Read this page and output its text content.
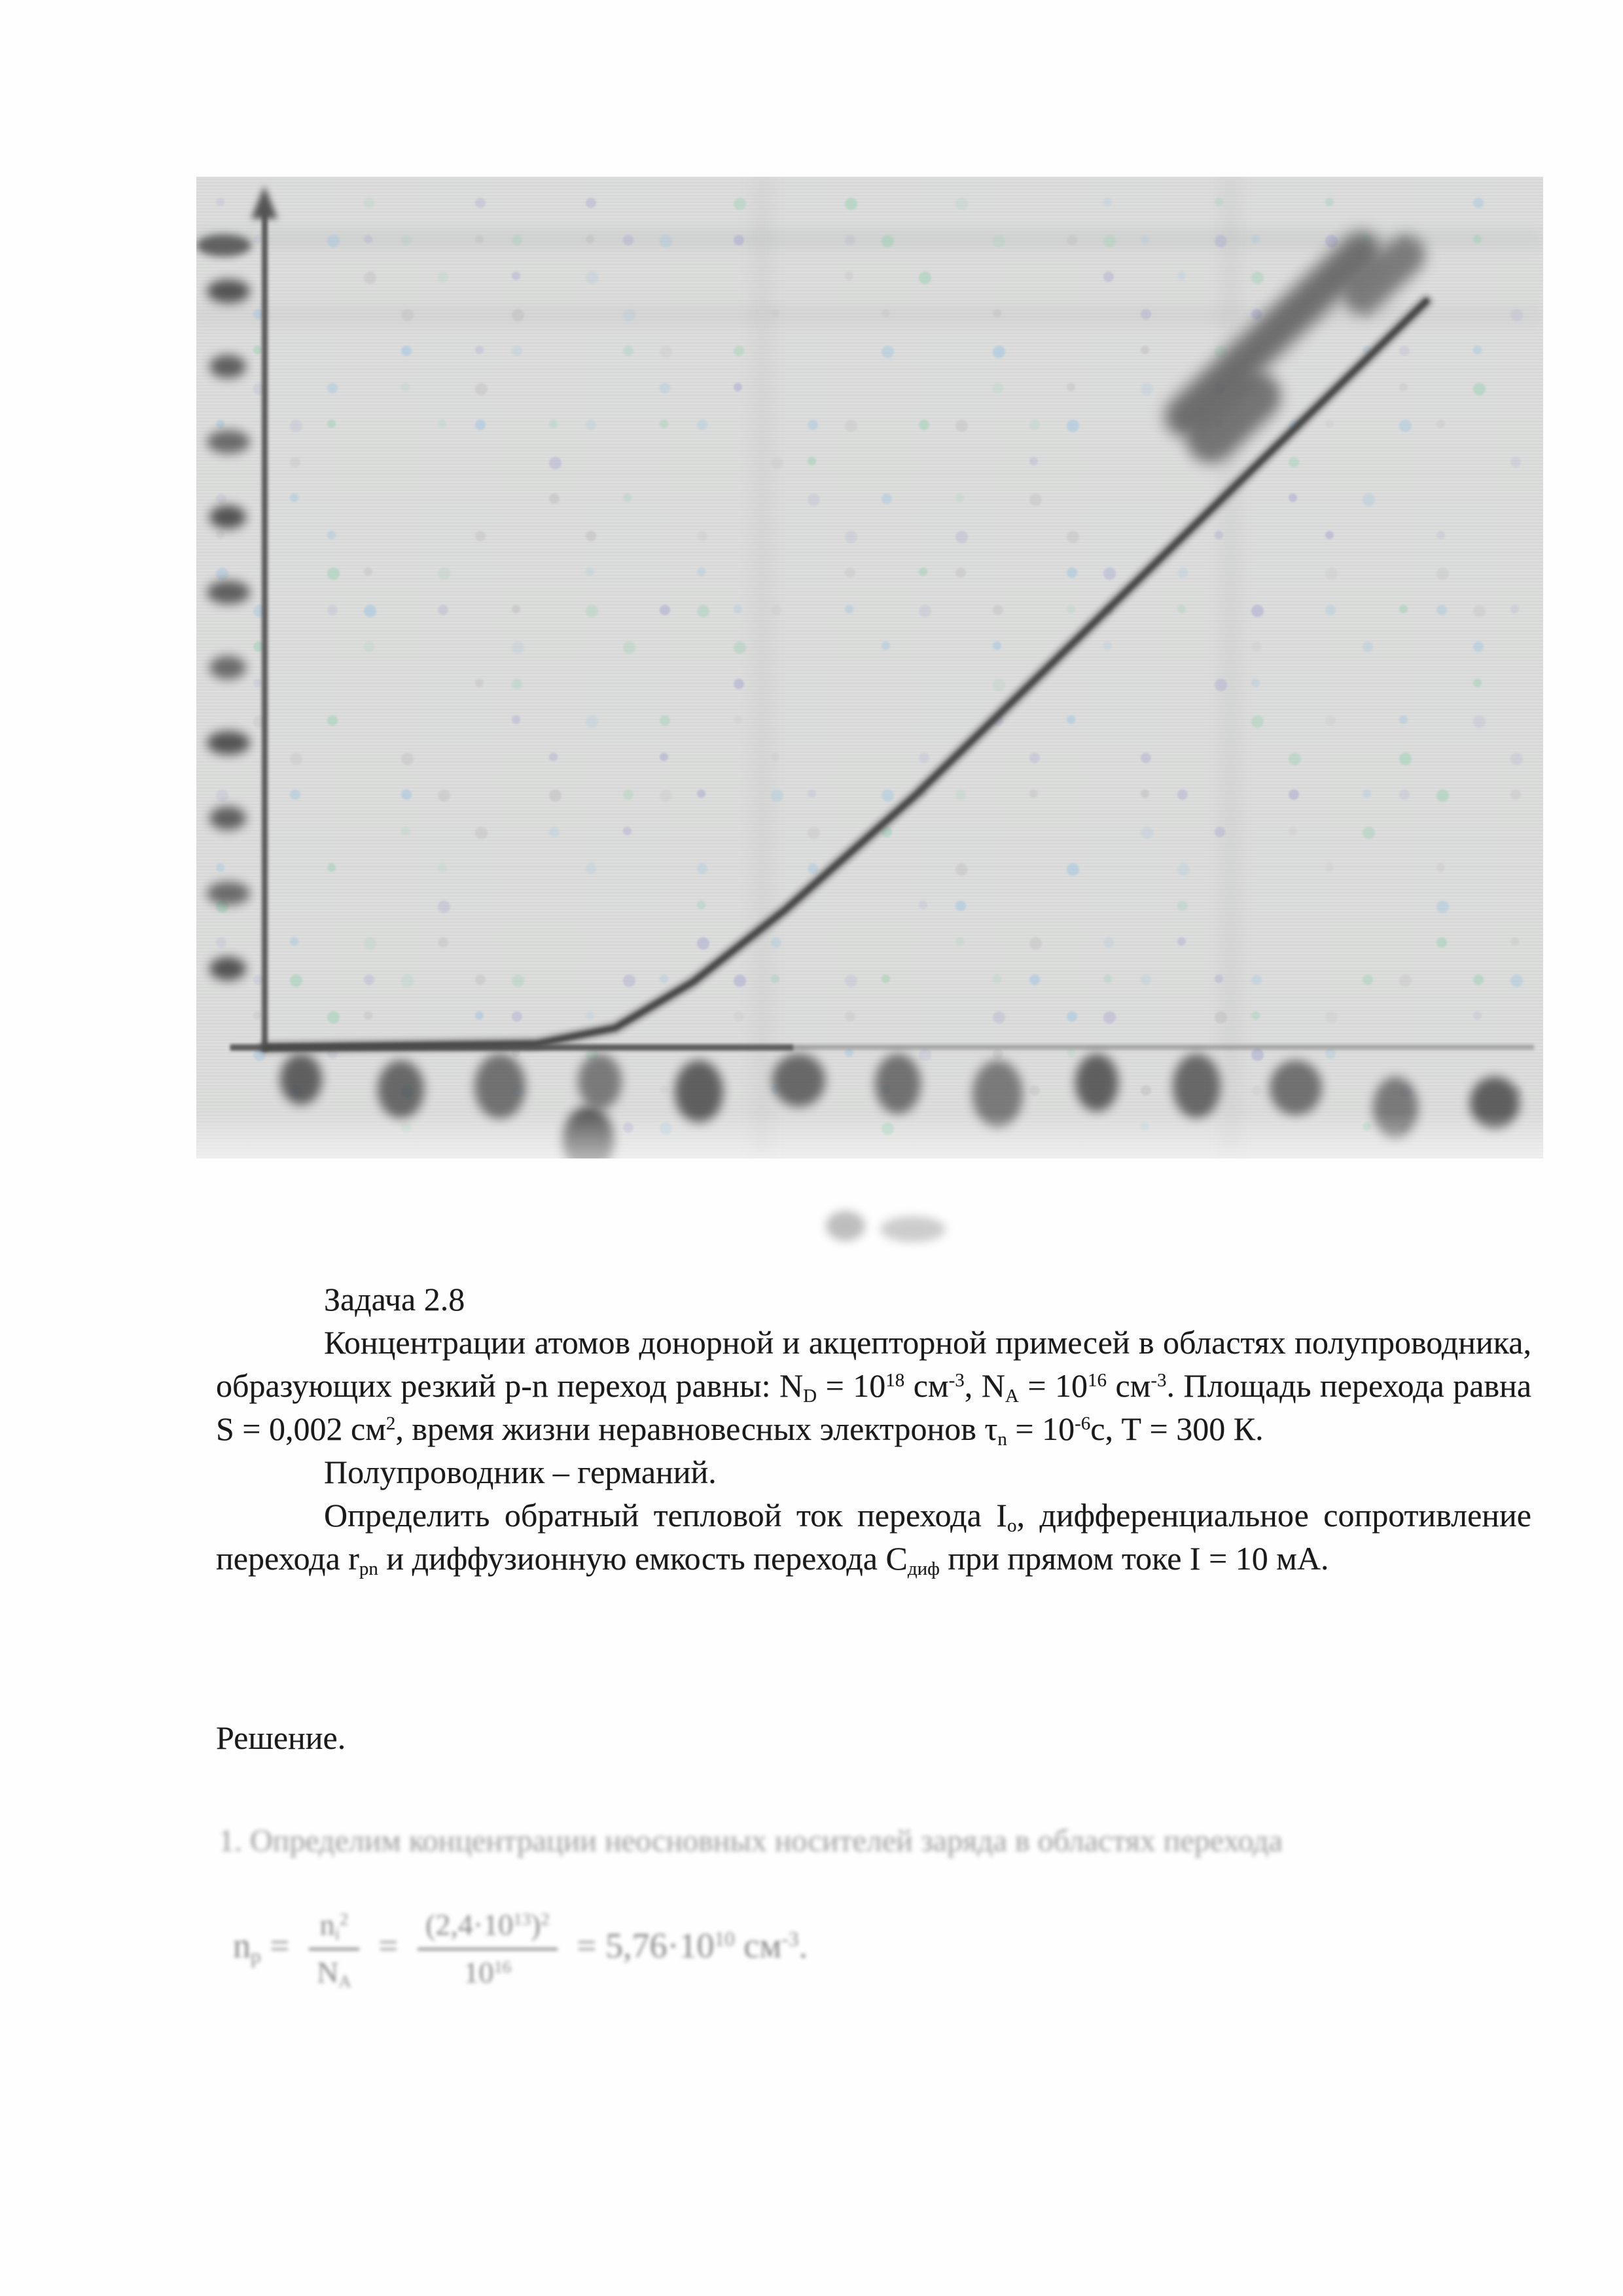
Задача 2.8

Концентрации атомов донорной и акцепторной примесей в областях полупроводника, образующих резкий p-n переход равны: $N_D = 10^{18}$ $см^{-3}$, $N_A = 10^{16}$ $см^{-3}$. Площадь перехода равна S = 0,002 $см^2$, время жизни неравновесных электронов $\tau_n = 10^{-6}с$, Т = 300 К.

Полупроводник – германий.

Определить обратный тепловой ток перехода $I_о$, дифференциальное сопротивление перехода $r_{pn}$ и диффузионную емкость перехода $С_{диф}$ при прямом токе I = 10 мА.

Решение.
1. Определим концентрации неосновных носителей заряда в областях перехода
$n_p = \frac{n_i^2}{N_A} = \frac{(2,4\cdot 10^{13})^2}{10^{16}} = 5,76\cdot 10^{10}$ $см^{-3}$.
